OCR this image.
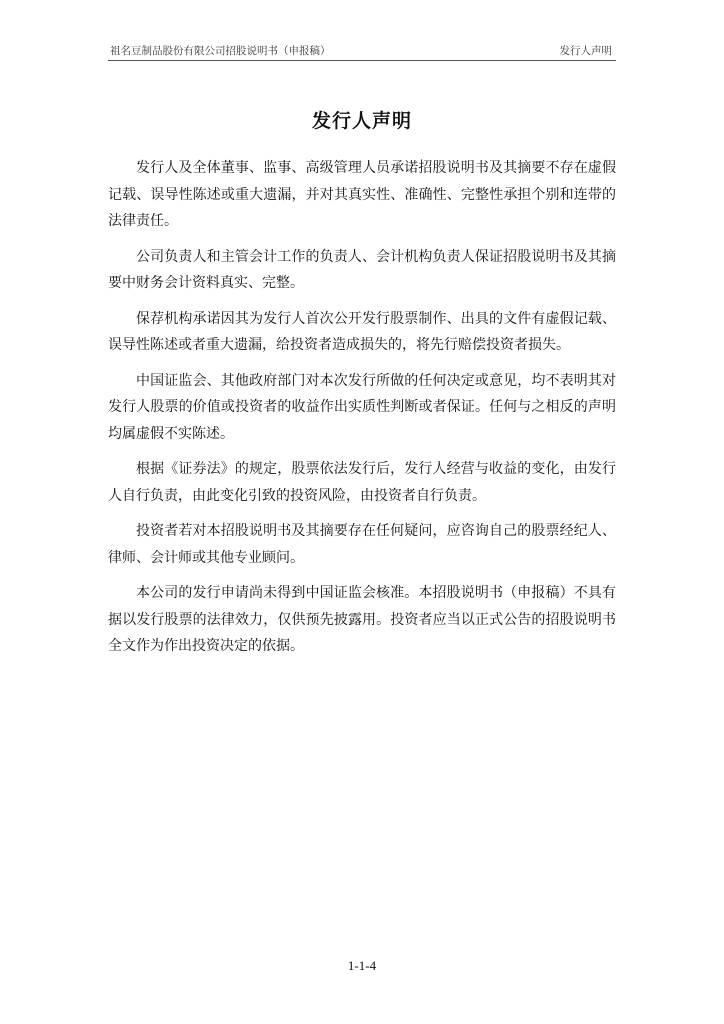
祖名豆制品股份有限公司招股说明书（申报稿）	发行人声明
发行人声明

发行人及全体董事、监事、高级管理人员承诺招股说明书及其摘要不存在虚假记载、误导性陈述或重大遗漏，并对其真实性、准确性、完整性承担个别和连带的法律责任。

公司负责人和主管会计工作的负责人、会计机构负责人保证招股说明书及其摘要中财务会计资料真实、完整。

保荐机构承诺因其为发行人首次公开发行股票制作、出具的文件有虚假记载、误导性陈述或者重大遗漏，给投资者造成损失的，将先行赔偿投资者损失。

中国证监会、其他政府部门对本次发行所做的任何决定或意见，均不表明其对发行人股票的价值或投资者的收益作出实质性判断或者保证。任何与之相反的声明均属虚假不实陈述。

根据《证券法》的规定，股票依法发行后，发行人经营与收益的变化，由发行人自行负责，由此变化引致的投资风险，由投资者自行负责。

投资者若对本招股说明书及其摘要存在任何疑问，应咨询自己的股票经纪人、律师、会计师或其他专业顾问。

本公司的发行申请尚未得到中国证监会核准。本招股说明书（申报稿）不具有据以发行股票的法律效力，仅供预先披露用。投资者应当以正式公告的招股说明书全文作为作出投资决定的依据。

1-1-4
